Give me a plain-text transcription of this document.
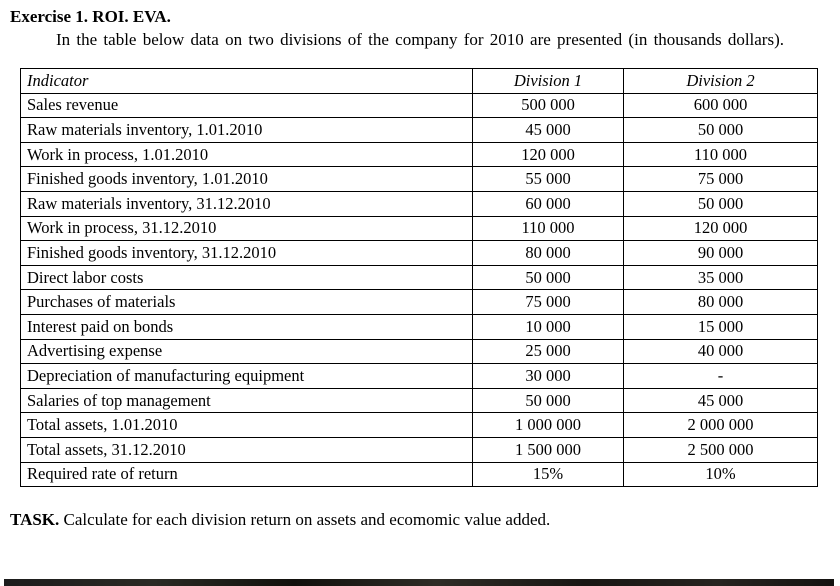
Exercise 1. ROI. EVA.

In the table below data on two divisions of the company for 2010 are presented (in thousands dollars).

Indicator	Division 1	Division 2
Sales revenue	500 000	600 000
Raw materials inventory, 1.01.2010	45 000	50 000
Work in process, 1.01.2010	120 000	110 000
Finished goods inventory, 1.01.2010	55 000	75 000
Raw materials inventory, 31.12.2010	60 000	50 000
Work in process, 31.12.2010	110 000	120 000
Finished goods inventory, 31.12.2010	80 000	90 000
Direct labor costs	50 000	35 000
Purchases of materials	75 000	80 000
Interest paid on bonds	10 000	15 000
Advertising expense	25 000	40 000
Depreciation of manufacturing equipment	30 000	-
Salaries of top management	50 000	45 000
Total assets, 1.01.2010	1 000 000	2 000 000
Total assets, 31.12.2010	1 500 000	2 500 000
Required rate of return	15%	10%

TASK. Calculate for each division return on assets and ecomomic value added.
